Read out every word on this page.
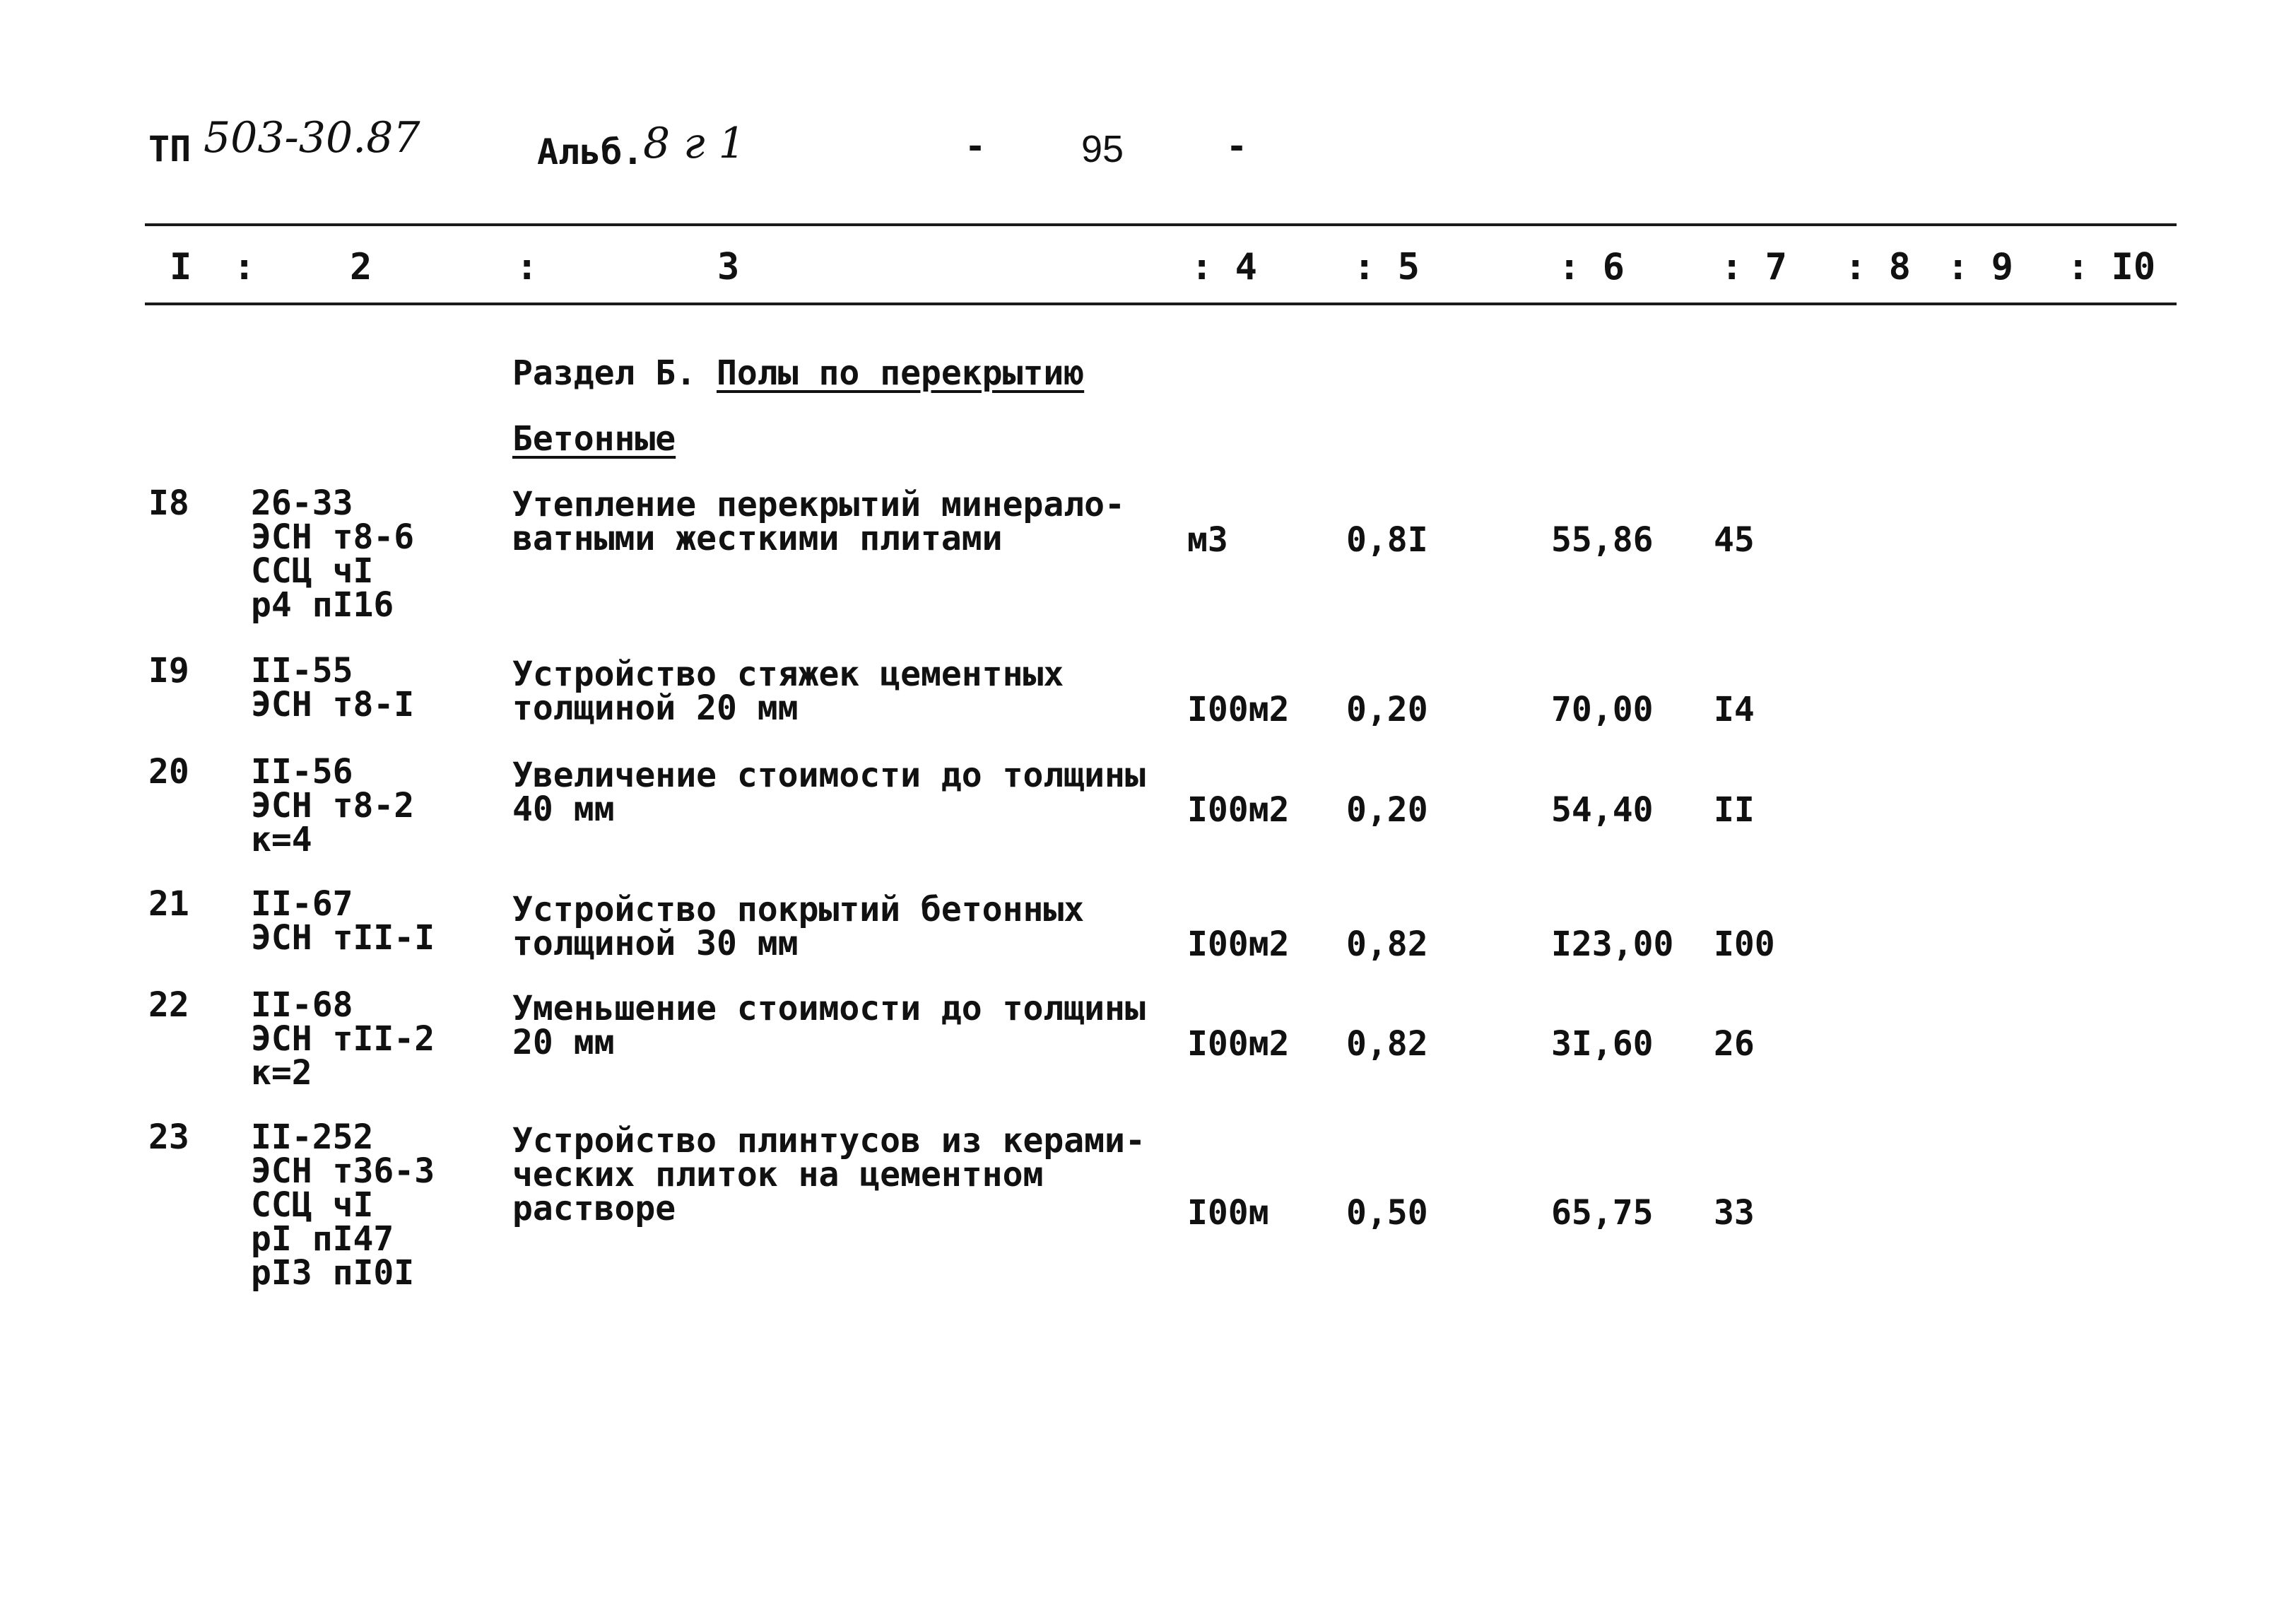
ТП 503-30.87	Альб. 8 г 1	- 95	-
I :	2	:	3	: 4	: 5	: 6	: 7 : 8 : 9 : I0
Раздел Б. Полы по перекрытию
Бетонные
I8 26-33
ЭСН т8-6
ССЦ чI
р4 пI16
Утепление перекрытий минерало-
ватными жесткими плитами	м3	0,8I	55,86 45
I9 II-55
ЭСН т8-I
Устройство стяжек цементных
толщиной 20 мм	I00м2 0,20	70,00 I4
20 II-56
ЭСН т8-2
к=4
Увеличение стоимости до толщины
40 мм	I00м2 0,20	54,40 II
21 II-67
ЭСН тII-I
Устройство покрытий бетонных
толщиной 30 мм	I00м2 0,82	I23,00 I00
22 II-68
ЭСН тII-2
к=2
Уменьшение стоимости до толщины
20 мм	I00м2 0,82	3I,60 26
23 II-252
ЭСН т36-3
ССЦ чI
рI пI47
рI3 пI0I
Устройство плинтусов из керами-
ческих плиток на цементном
растворе	I00м 0,50	65,75 33
